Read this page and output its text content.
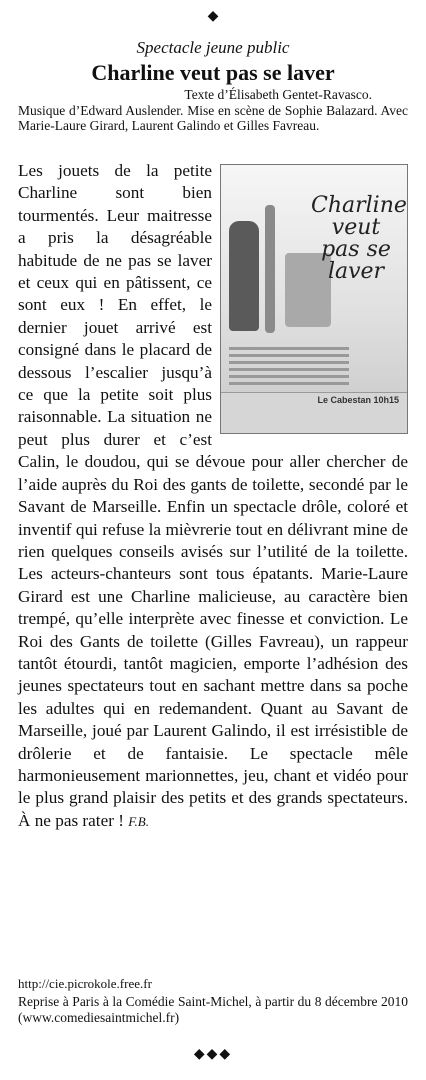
◆
Spectacle jeune public
Charline veut pas se laver
Texte d’Élisabeth Gentet-Ravasco.
Musique d’Edward Auslender. Mise en scène de Sophie Balazard. Avec Marie-Laure Girard, Laurent Galindo et Gilles Favreau.
Charline veut pas se laver
Le Cabestan 10h15

Les jouets de la petite Charline sont bien tourmentés. Leur maitresse a pris la désagréable habitude de ne pas se laver et ceux qui en pâtissent, ce sont eux ! En effet, le dernier jouet arrivé est consigné dans le placard de dessous l’escalier jusqu’à ce que la petite soit plus raisonnable. La situation ne peut plus durer et c’est Calin, le doudou, qui se dévoue pour aller chercher de l’aide auprès du Roi des gants de toilette, secondé par le Savant de Marseille. Enfin un spectacle drôle, coloré et inventif qui refuse la mièvrerie tout en délivrant mine de rien quelques conseils avisés sur l’utilité de la toilette. Les acteurs-chanteurs sont tous épatants. Marie-Laure Girard est une Charline malicieuse, au caractère bien trempé, qu’elle interprète avec finesse et conviction. Le Roi des Gants de toilette (Gilles Favreau), un rappeur tantôt étourdi, tantôt magicien, emporte l’adhésion des jeunes spectateurs tout en sachant mettre dans sa poche les adultes qui en redemandent. Quant au Savant de Marseille, joué par Laurent Galindo, il est irrésistible de drôlerie et de fantaisie. Le spectacle mêle harmonieusement marionnettes, jeu, chant et vidéo pour le plus grand plaisir des petits et des grands spectateurs. À ne pas rater ! F.B.

http://cie.picrokole.free.fr
Reprise à Paris à la Comédie Saint-Michel, à partir du 8 décembre 2010 (www.comediesaintmichel.fr)
◆◆◆
